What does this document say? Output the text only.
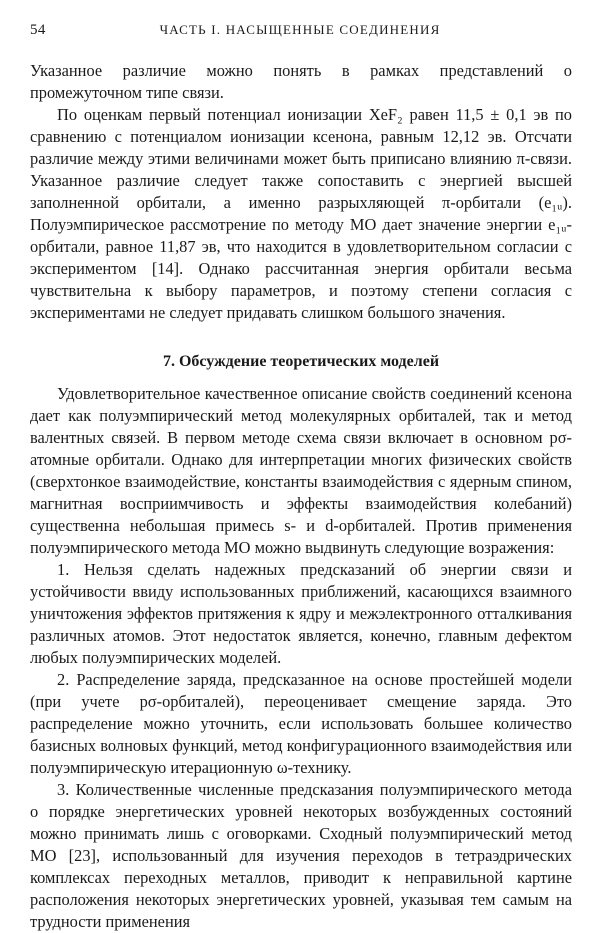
54	ЧАСТЬ I. НАСЫЩЕННЫЕ СОЕДИНЕНИЯ

Указанное различие можно понять в рамках представлений о промежуточном типе связи.

По оценкам первый потенциал ионизации XeF₂ равен 11,5 ± 0,1 эв по сравнению с потенциалом ионизации ксенона, равным 12,12 эв. Отсчати различие между этими величинами может быть приписано влиянию π-связи. Указанное различие следует также сопоставить с энергией высшей заполненной орбитали, а именно разрыхляющей π-орбитали (e₁ᵤ). Полуэмпирическое рассмотрение по методу МО дает значение энергии e₁ᵤ-орбитали, равное 11,87 эв, что находится в удовлетворительном согласии с экспериментом [14]. Однако рассчитанная энергия орбитали весьма чувствительна к выбору параметров, и поэтому степени согласия с экспериментами не следует придавать слишком большого значения.

7. Обсуждение теоретических моделей

Удовлетворительное качественное описание свойств соединений ксенона дает как полуэмпирический метод молекулярных орбиталей, так и метод валентных связей. В первом методе схема связи включает в основном pσ-атомные орбитали. Однако для интерпретации многих физических свойств (сверхтонкое взаимодействие, константы взаимодействия с ядерным спином, магнитная восприимчивость и эффекты взаимодействия колебаний) существенна небольшая примесь s- и d-орбиталей. Против применения полуэмпирического метода МО можно выдвинуть следующие возражения:

1. Нельзя сделать надежных предсказаний об энергии связи и устойчивости ввиду использованных приближений, касающихся взаимного уничтожения эффектов притяжения к ядру и межэлектронного отталкивания различных атомов. Этот недостаток является, конечно, главным дефектом любых полуэмпирических моделей.

2. Распределение заряда, предсказанное на основе простейшей модели (при учете pσ-орбиталей), переоценивает смещение заряда. Это распределение можно уточнить, если использовать большее количество базисных волновых функций, метод конфигурационного взаимодействия или полуэмпирическую итерационную ω-технику.

3. Количественные численные предсказания полуэмпирического метода о порядке энергетических уровней некоторых возбужденных состояний можно принимать лишь с оговорками. Сходный полуэмпирический метод МО [23], использованный для изучения переходов в тетраэдрических комплексах переходных металлов, приводит к неправильной картине расположения некоторых энергетических уровней, указывая тем самым на трудности применения
